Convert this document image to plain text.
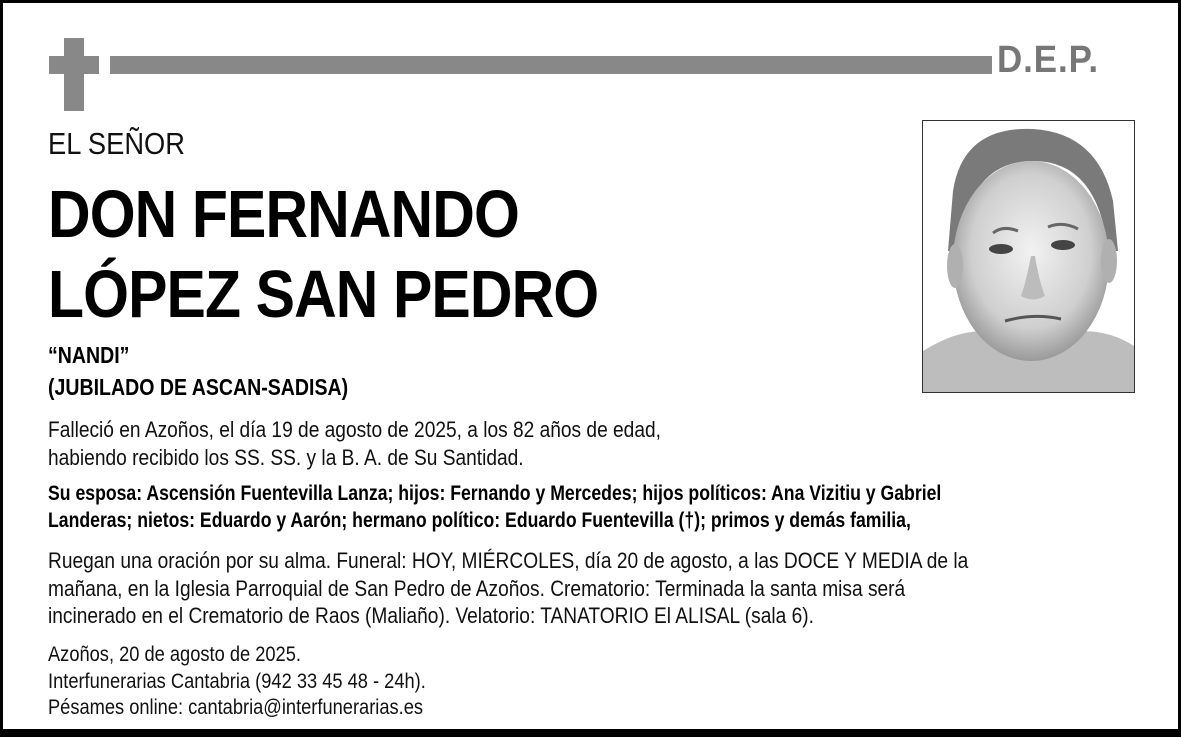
D.E.P.
EL SEÑOR
DON FERNANDO
LÓPEZ SAN PEDRO
“NANDI”
(JUBILADO DE ASCAN-SADISA)
Falleció en Azoños, el día 19 de agosto de 2025, a los 82 años de edad,
habiendo recibido los SS. SS. y la B. A. de Su Santidad.
Su esposa: Ascensión Fuentevilla Lanza; hijos: Fernando y Mercedes; hijos políticos: Ana Vizitiu y Gabriel
Landeras; nietos: Eduardo y Aarón; hermano político: Eduardo Fuentevilla (†); primos y demás familia,
Ruegan una oración por su alma. Funeral: HOY, MIÉRCOLES, día 20 de agosto, a las DOCE Y MEDIA de la
mañana, en la Iglesia Parroquial de San Pedro de Azoños. Crematorio: Terminada la santa misa será
incinerado en el Crematorio de Raos (Maliaño). Velatorio: TANATORIO El ALISAL (sala 6).
Azoños, 20 de agosto de 2025.
Interfunerarias Cantabria (942 33 45 48 - 24h).
Pésames online: cantabria@interfunerarias.es
